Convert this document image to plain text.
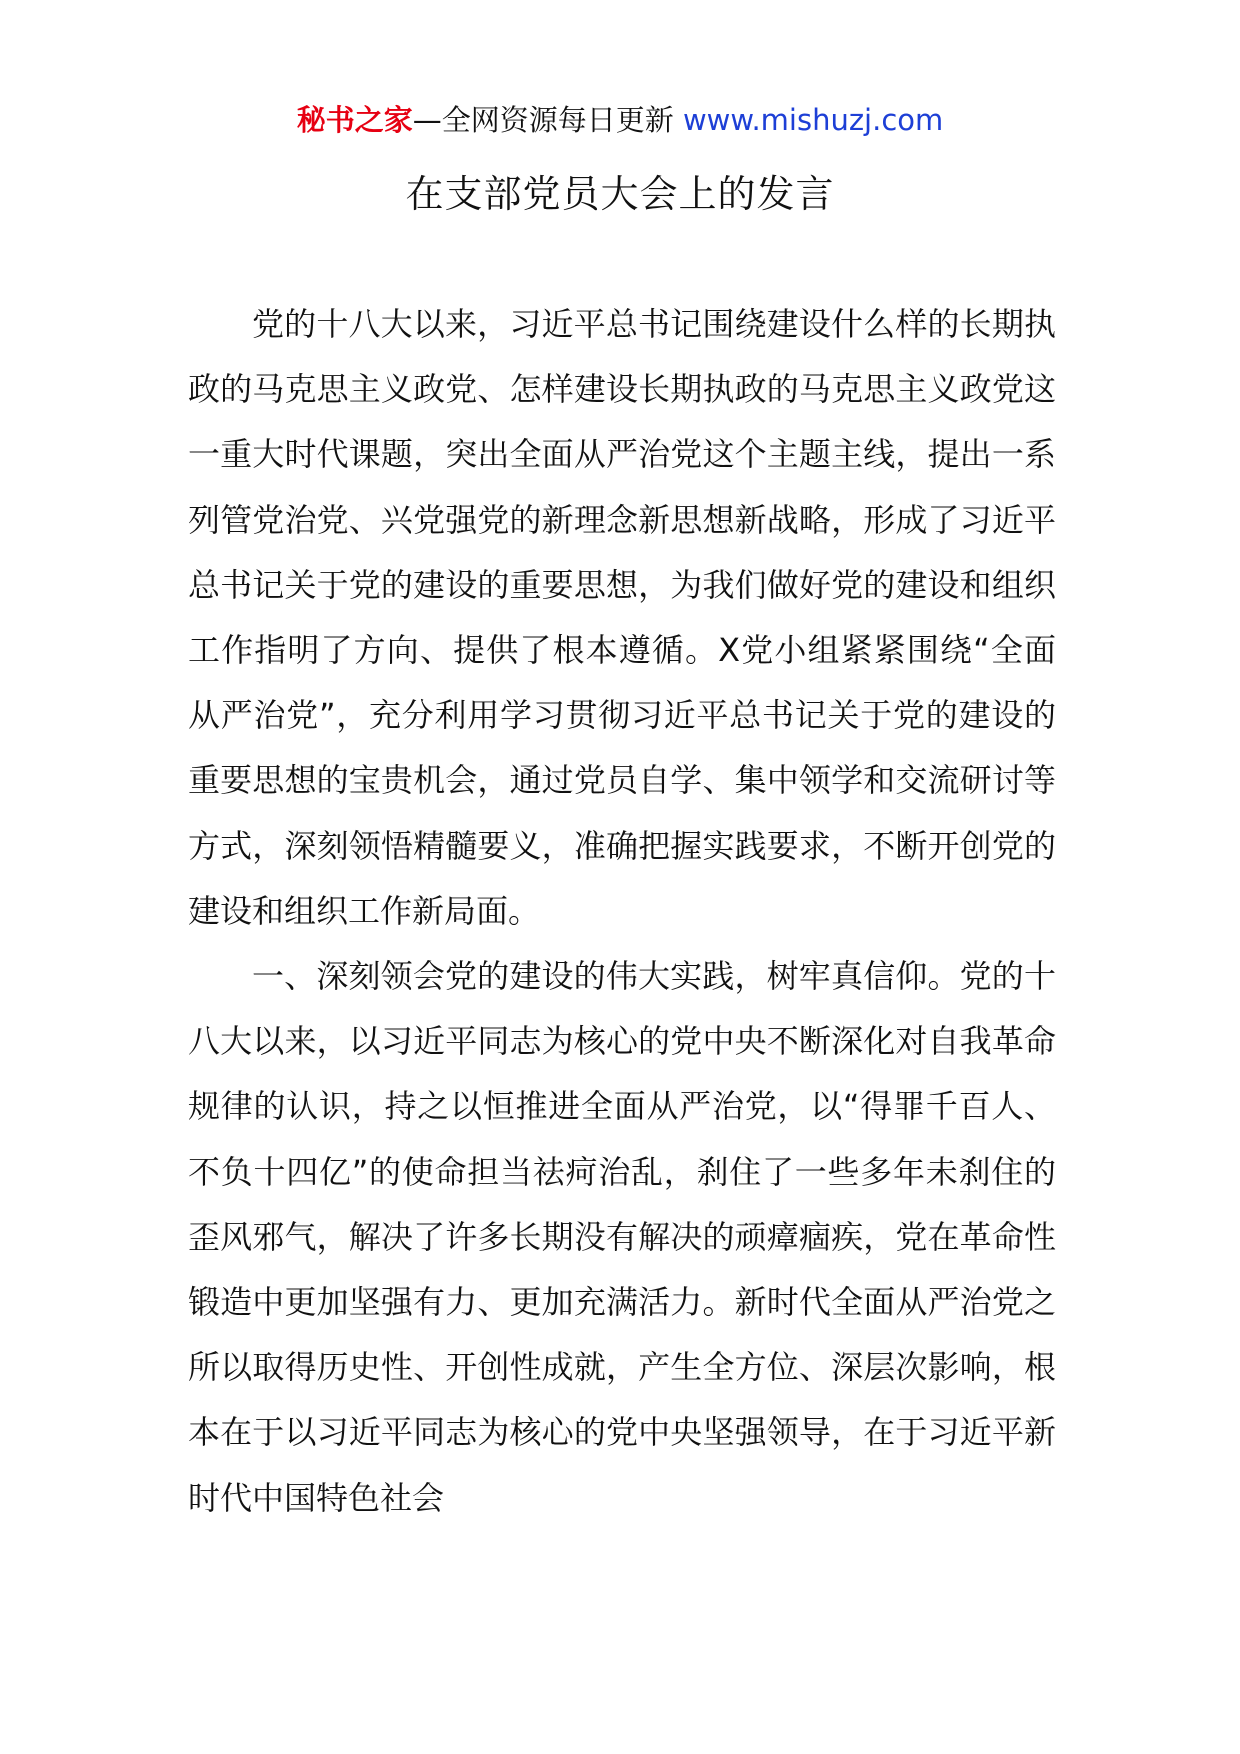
秘书之家—全网资源每日更新 www.mishuzj.com
在支部党员大会上的发言

党的十八大以来，习近平总书记围绕建设什么样的长期执政的马克思主义政党、怎样建设长期执政的马克思主义政党这一重大时代课题，突出全面从严治党这个主题主线，提出一系列管党治党、兴党强党的新理念新思想新战略，形成了习近平总书记关于党的建设的重要思想，为我们做好党的建设和组织工作指明了方向、提供了根本遵循。X党小组紧紧围绕“全面从严治党”，充分利用学习贯彻习近平总书记关于党的建设的重要思想的宝贵机会，通过党员自学、集中领学和交流研讨等方式，深刻领悟精髓要义，准确把握实践要求，不断开创党的建设和组织工作新局面。

一、深刻领会党的建设的伟大实践，树牢真信仰。党的十八大以来，以习近平同志为核心的党中央不断深化对自我革命规律的认识，持之以恒推进全面从严治党，以“得罪千百人、不负十四亿”的使命担当祛疴治乱，刹住了一些多年未刹住的歪风邪气，解决了许多长期没有解决的顽瘴痼疾，党在革命性锻造中更加坚强有力、更加充满活力。新时代全面从严治党之所以取得历史性、开创性成就，产生全方位、深层次影响，根本在于以习近平同志为核心的党中央坚强领导，在于习近平新时代中国特色社会
